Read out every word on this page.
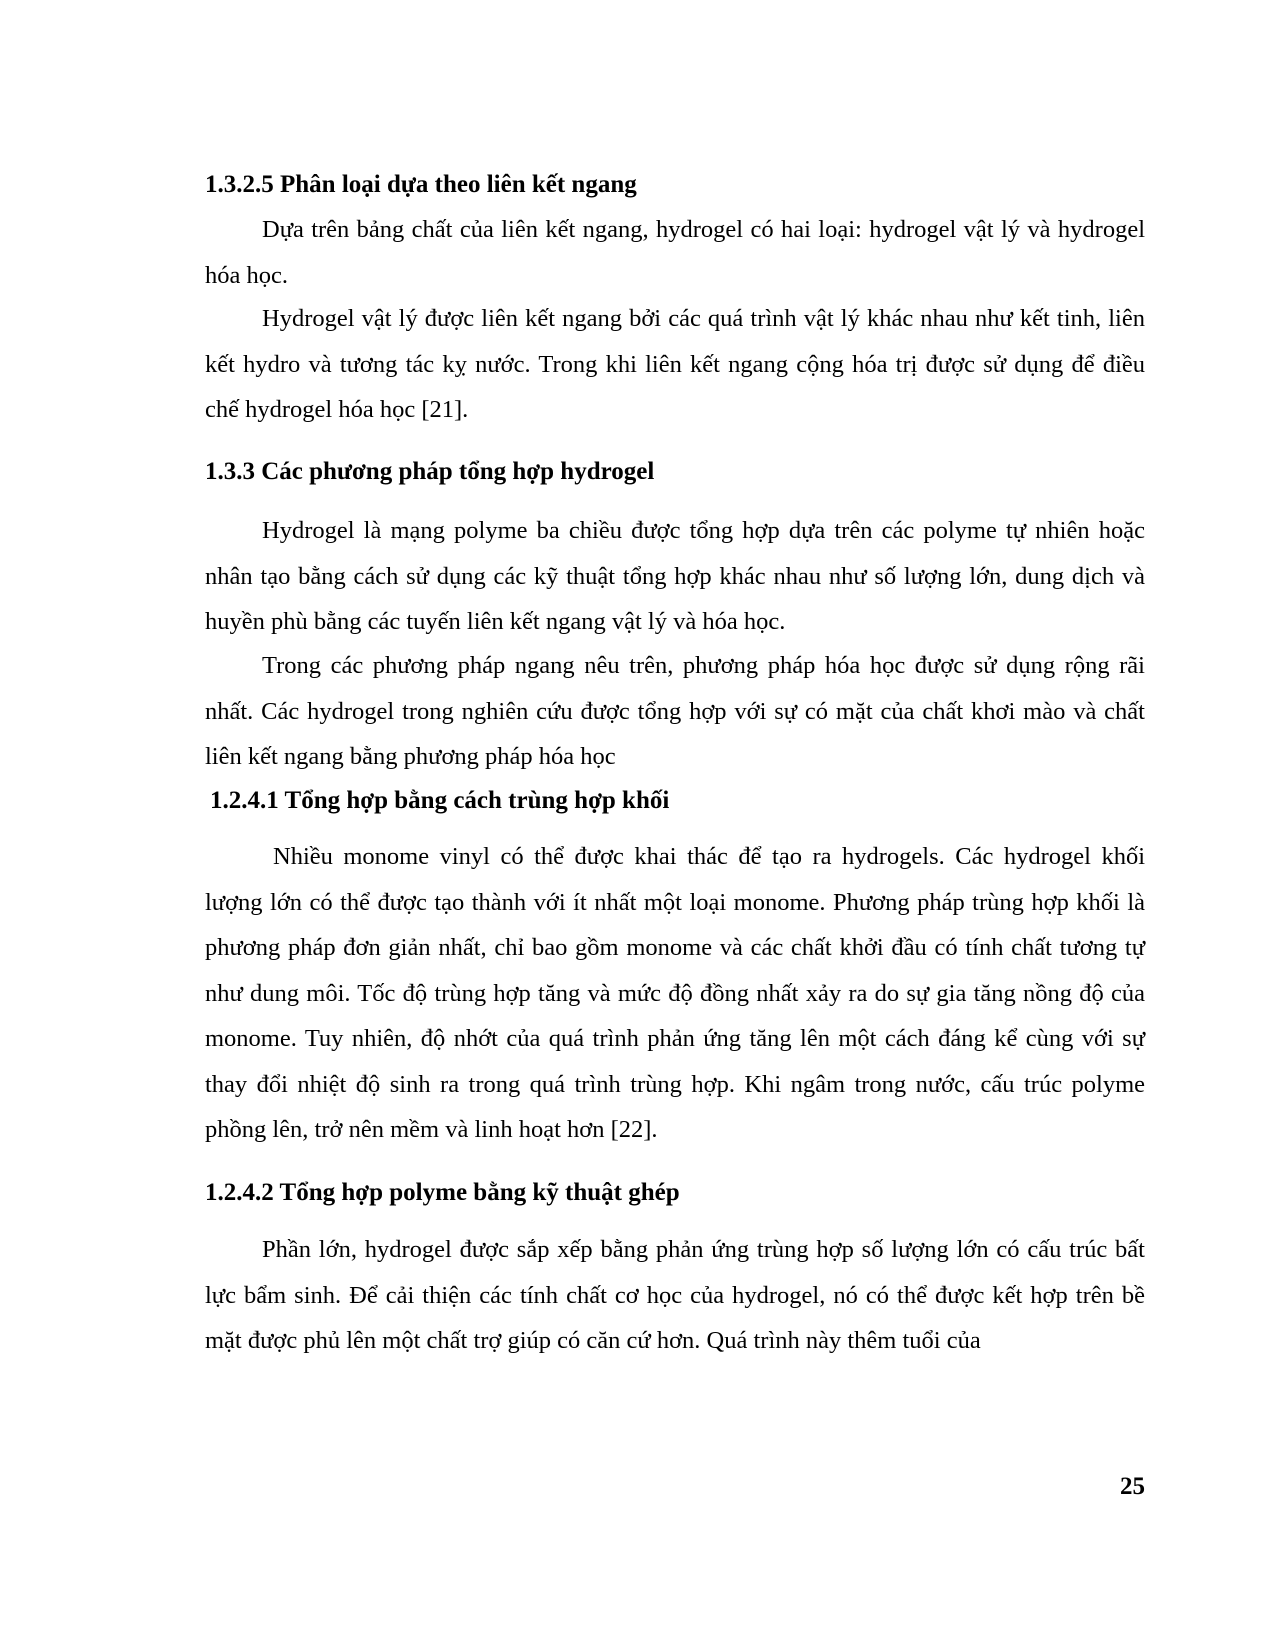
1.3.2.5 Phân loại dựa theo liên kết ngang

Dựa trên bảng chất của liên kết ngang, hydrogel có hai loại: hydrogel vật lý và hydrogel hóa học.

Hydrogel vật lý được liên kết ngang bởi các quá trình vật lý khác nhau như kết tinh, liên kết hydro và tương tác kỵ nước. Trong khi liên kết ngang cộng hóa trị được sử dụng để điều chế hydrogel hóa học [21].

1.3.3 Các phương pháp tổng hợp hydrogel

Hydrogel là mạng polyme ba chiều được tổng hợp dựa trên các polyme tự nhiên hoặc nhân tạo bằng cách sử dụng các kỹ thuật tổng hợp khác nhau như số lượng lớn, dung dịch và huyền phù bằng các tuyến liên kết ngang vật lý và hóa học.

Trong các phương pháp ngang nêu trên, phương pháp hóa học được sử dụng rộng rãi nhất. Các hydrogel trong nghiên cứu được tổng hợp với sự có mặt của chất khơi mào và chất liên kết ngang bằng phương pháp hóa học

1.2.4.1 Tổng hợp bằng cách trùng hợp khối

Nhiều monome vinyl có thể được khai thác để tạo ra hydrogels. Các hydrogel khối lượng lớn có thể được tạo thành với ít nhất một loại monome. Phương pháp trùng hợp khối là phương pháp đơn giản nhất, chỉ bao gồm monome và các chất khởi đầu có tính chất tương tự như dung môi. Tốc độ trùng hợp tăng và mức độ đồng nhất xảy ra do sự gia tăng nồng độ của monome. Tuy nhiên, độ nhớt của quá trình phản ứng tăng lên một cách đáng kể cùng với sự thay đổi nhiệt độ sinh ra trong quá trình trùng hợp. Khi ngâm trong nước, cấu trúc polyme phồng lên, trở nên mềm và linh hoạt hơn [22].

1.2.4.2 Tổng hợp polyme bằng kỹ thuật ghép

Phần lớn, hydrogel được sắp xếp bằng phản ứng trùng hợp số lượng lớn có cấu trúc bất lực bẩm sinh. Để cải thiện các tính chất cơ học của hydrogel, nó có thể được kết hợp trên bề mặt được phủ lên một chất trợ giúp có căn cứ hơn. Quá trình này thêm tuổi của

25
